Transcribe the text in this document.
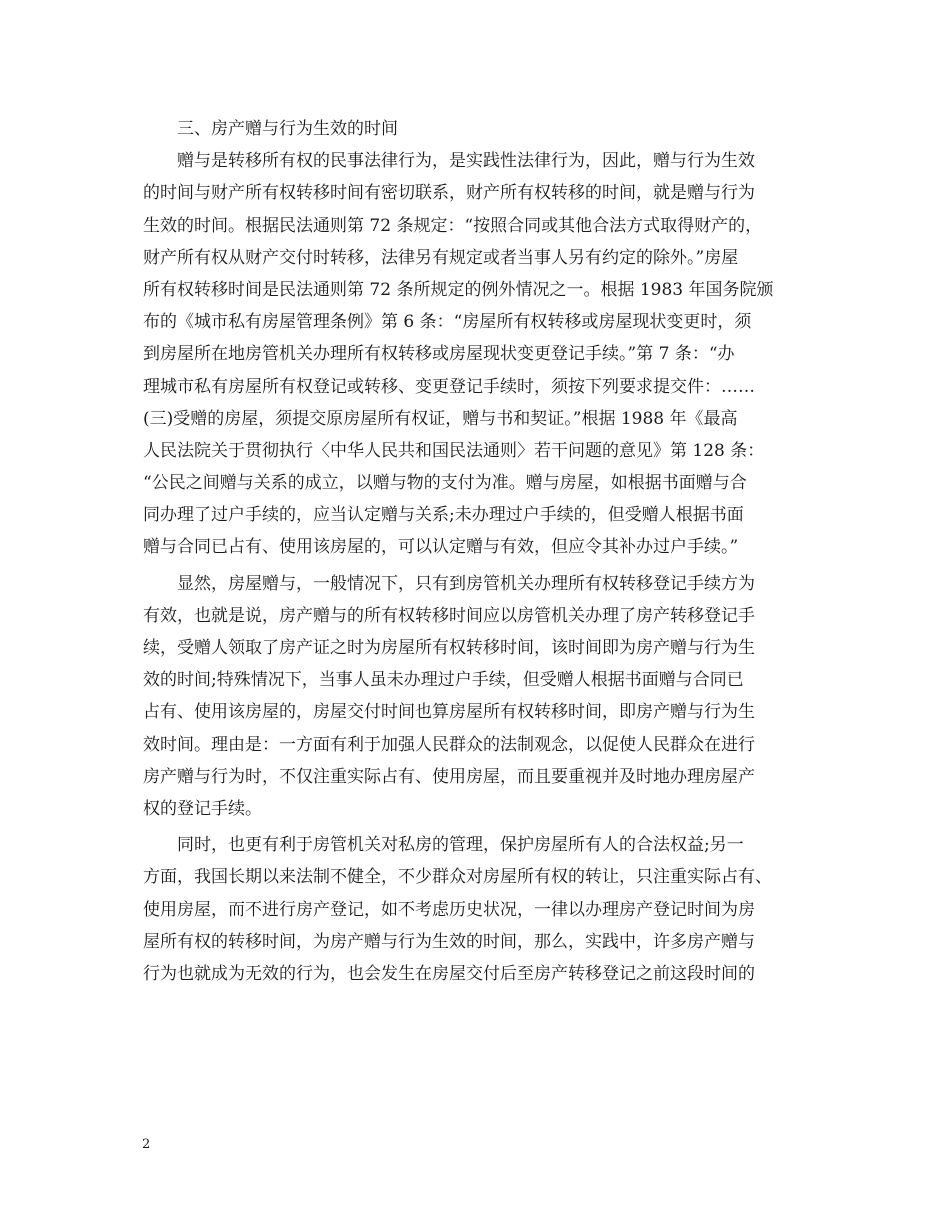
三、房产赠与行为生效的时间
　　赠与是转移所有权的民事法律行为，是实践性法律行为，因此，赠与行为生效
的时间与财产所有权转移时间有密切联系，财产所有权转移的时间，就是赠与行为
生效的时间。根据民法通则第 72 条规定：“按照合同或其他合法方式取得财产的，
财产所有权从财产交付时转移，法律另有规定或者当事人另有约定的除外。”房屋
所有权转移时间是民法通则第 72 条所规定的例外情况之一。根据 1983 年国务院颁
布的《城市私有房屋管理条例》第 6 条：“房屋所有权转移或房屋现状变更时，须
到房屋所在地房管机关办理所有权转移或房屋现状变更登记手续。”第 7 条：“办
理城市私有房屋所有权登记或转移、变更登记手续时，须按下列要求提交件：……
(三)受赠的房屋，须提交原房屋所有权证，赠与书和契证。”根据 1988 年《最高
人民法院关于贯彻执行〈中华人民共和国民法通则〉若干问题的意见》第 128 条：
“公民之间赠与关系的成立，以赠与物的支付为准。赠与房屋，如根据书面赠与合
同办理了过户手续的，应当认定赠与关系;未办理过户手续的，但受赠人根据书面
赠与合同已占有、使用该房屋的，可以认定赠与有效，但应令其补办过户手续。”
　　显然，房屋赠与，一般情况下，只有到房管机关办理所有权转移登记手续方为
有效，也就是说，房产赠与的所有权转移时间应以房管机关办理了房产转移登记手
续，受赠人领取了房产证之时为房屋所有权转移时间，该时间即为房产赠与行为生
效的时间;特殊情况下，当事人虽未办理过户手续，但受赠人根据书面赠与合同已
占有、使用该房屋的，房屋交付时间也算房屋所有权转移时间，即房产赠与行为生
效时间。理由是：一方面有利于加强人民群众的法制观念，以促使人民群众在进行
房产赠与行为时，不仅注重实际占有、使用房屋，而且要重视并及时地办理房屋产
权的登记手续。
　　同时，也更有利于房管机关对私房的管理，保护房屋所有人的合法权益;另一
方面，我国长期以来法制不健全，不少群众对房屋所有权的转让，只注重实际占有、
使用房屋，而不进行房产登记，如不考虑历史状况，一律以办理房产登记时间为房
屋所有权的转移时间，为房产赠与行为生效的时间，那么，实践中，许多房产赠与
行为也就成为无效的行为，也会发生在房屋交付后至房产转移登记之前这段时间的
2
